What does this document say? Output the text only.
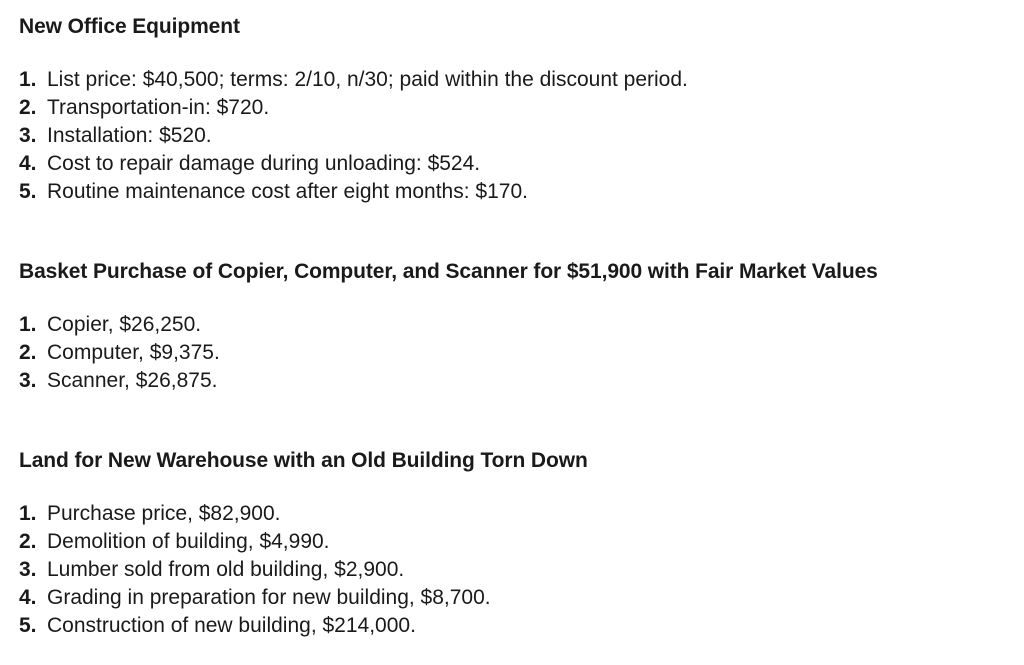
New Office Equipment
1. List price: $40,500; terms: 2/10, n/30; paid within the discount period.
2. Transportation-in: $720.
3. Installation: $520.
4. Cost to repair damage during unloading: $524.
5. Routine maintenance cost after eight months: $170.
Basket Purchase of Copier, Computer, and Scanner for $51,900 with Fair Market Values
1. Copier, $26,250.
2. Computer, $9,375.
3. Scanner, $26,875.
Land for New Warehouse with an Old Building Torn Down
1. Purchase price, $82,900.
2. Demolition of building, $4,990.
3. Lumber sold from old building, $2,900.
4. Grading in preparation for new building, $8,700.
5. Construction of new building, $214,000.
